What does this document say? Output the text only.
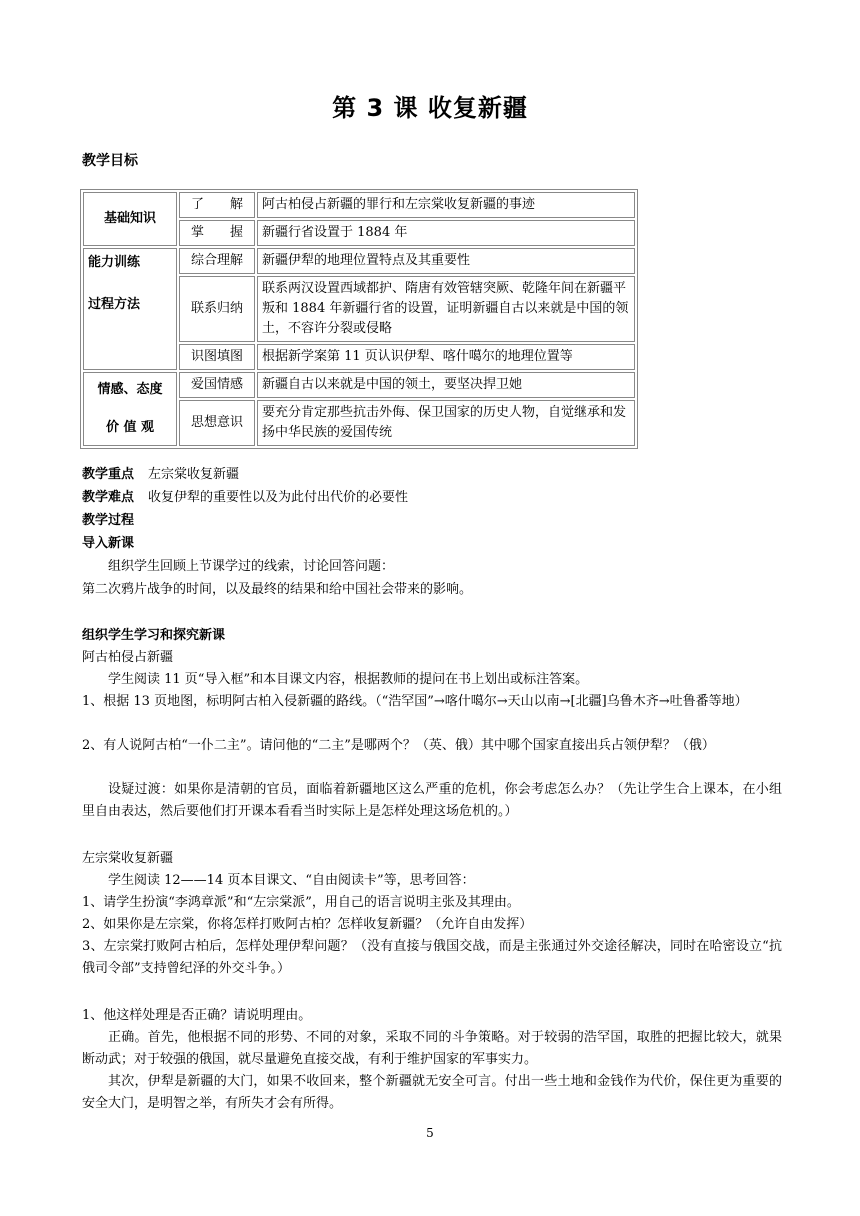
第 3 课 收复新疆
教学目标
基础知识	了　　解	阿古柏侵占新疆的罪行和左宗棠收复新疆的事迹
	掌　　握	新疆行省设置于 1884 年

能力训练
过程方法	综合理解	新疆伊犁的地理位置特点及其重要性
	联系归纳	联系两汉设置西域都护、隋唐有效管辖突厥、乾隆年间在新疆平叛和 1884 年新疆行省的设置，证明新疆自古以来就是中国的领土，不容许分裂或侵略
	识图填图	根据新学案第 11 页认识伊犁、喀什噶尔的地理位置等

情感、态度
价 值 观	爱国情感	新疆自古以来就是中国的领土，要坚决捍卫她
	思想意识	要充分肯定那些抗击外侮、保卫国家的历史人物，自觉继承和发扬中华民族的爱国传统
教学重点 左宗棠收复新疆
教学难点 收复伊犁的重要性以及为此付出代价的必要性
教学过程
导入新课
组织学生回顾上节课学过的线索，讨论回答问题：
第二次鸦片战争的时间，以及最终的结果和给中国社会带来的影响。
组织学生学习和探究新课
阿古柏侵占新疆
学生阅读 11 页“导入框”和本目课文内容，根据教师的提问在书上划出或标注答案。
1、根据 13 页地图，标明阿古柏入侵新疆的路线。（“浩罕国”→喀什噶尔→天山以南→[北疆]乌鲁木齐→吐鲁番等地）
2、有人说阿古柏“一仆二主”。请问他的“二主”是哪两个？（英、俄）其中哪个国家直接出兵占领伊犁？（俄）
设疑过渡：如果你是清朝的官员，面临着新疆地区这么严重的危机，你会考虑怎么办？（先让学生合上课本，在小组里自由表达，然后要他们打开课本看看当时实际上是怎样处理这场危机的。）
左宗棠收复新疆
学生阅读 12——14 页本目课文、“自由阅读卡”等，思考回答：
1、请学生扮演“李鸿章派”和“左宗棠派”，用自己的语言说明主张及其理由。
2、如果你是左宗棠，你将怎样打败阿古柏？怎样收复新疆？（允许自由发挥）
3、左宗棠打败阿古柏后，怎样处理伊犁问题？（没有直接与俄国交战，而是主张通过外交途径解决，同时在哈密设立“抗俄司令部”支持曾纪泽的外交斗争。）
1、他这样处理是否正确？请说明理由。
正确。首先，他根据不同的形势、不同的对象，采取不同的斗争策略。对于较弱的浩罕国，取胜的把握比较大，就果断动武；对于较强的俄国，就尽量避免直接交战，有利于维护国家的军事实力。
其次，伊犁是新疆的大门，如果不收回来，整个新疆就无安全可言。付出一些土地和金钱作为代价，保住更为重要的安全大门，是明智之举，有所失才会有所得。
5
